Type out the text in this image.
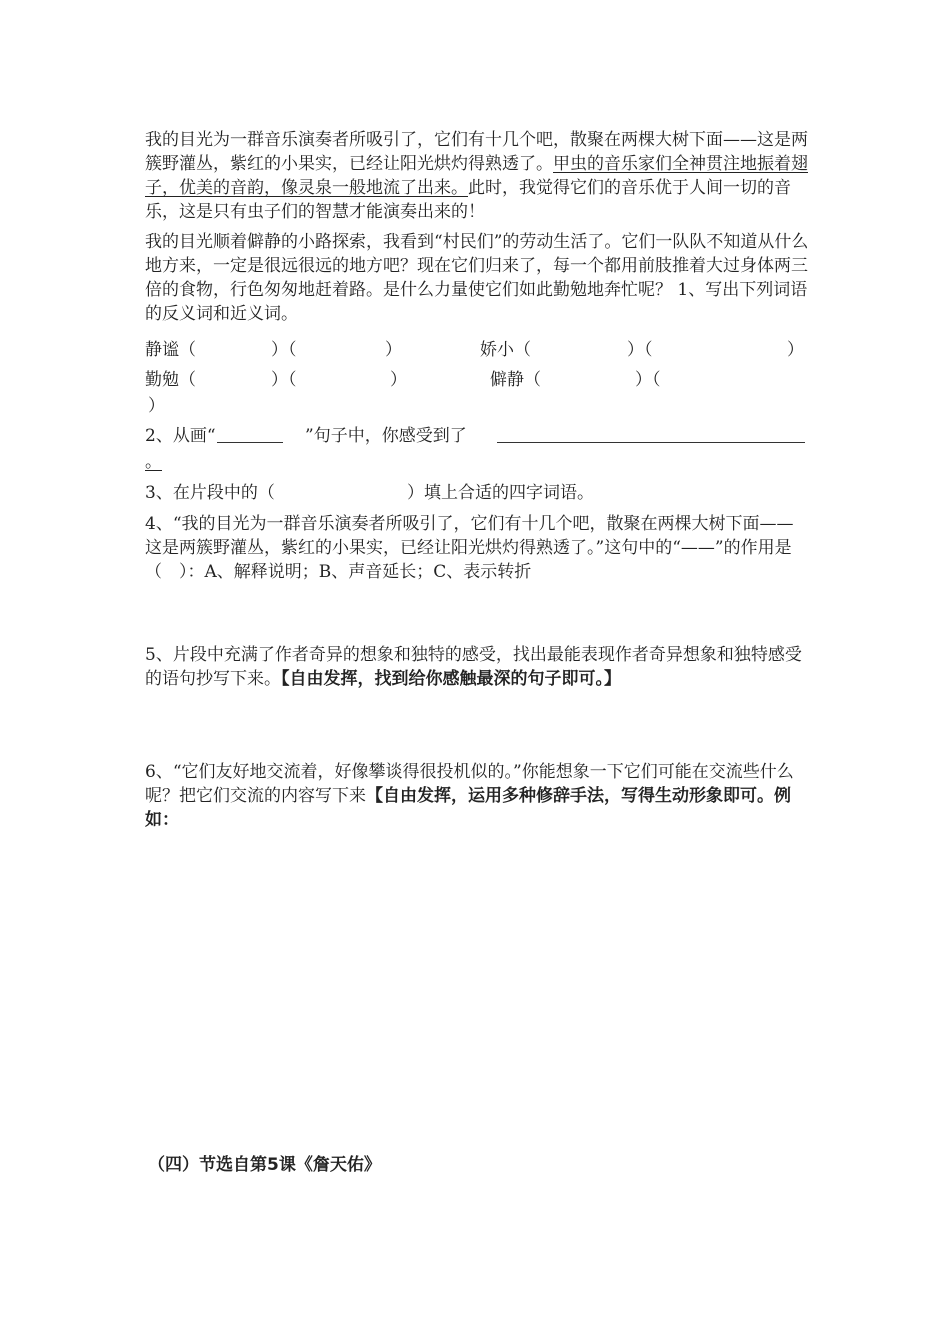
我的目光为一群音乐演奏者所吸引了，它们有十几个吧，散聚在两棵大树下面——这是两簇野灌丛，紫红的小果实，已经让阳光烘灼得熟透了。甲虫的音乐家们全神贯注地振着翅子，优美的音韵，像灵泉一般地流了出来。此时，我觉得它们的音乐优于人间一切的音乐，这是只有虫子们的智慧才能演奏出来的！

我的目光顺着僻静的小路探索，我看到“村民们”的劳动生活了。它们一队队不知道从什么地方来，一定是很远很远的地方吧？现在它们归来了，每一个都用前肢推着大过身体两三倍的食物，行色匆匆地赶着路。是什么力量使它们如此勤勉地奔忙呢？ 1、写出下列词语的反义词和近义词。

静谧（	）（	）	娇小（	）（	）
勤勉（	）（	）	僻静（	）（
）
2、从画“	”句子中，你感受到了
。
3、在片段中的（	）填上合适的四字词语。

4、“我的目光为一群音乐演奏者所吸引了，它们有十几个吧，散聚在两棵大树下面——这是两簇野灌丛，紫红的小果实，已经让阳光烘灼得熟透了。”这句中的“——”的作用是（　）：A、解释说明；B、声音延长；C、表示转折

5、片段中充满了作者奇异的想象和独特的感受，找出最能表现作者奇异想象和独特感受的语句抄写下来。【自由发挥，找到给你感触最深的句子即可。】

6、“它们友好地交流着，好像攀谈得很投机似的。”你能想象一下它们可能在交流些什么呢？把它们交流的内容写下来【自由发挥，运用多种修辞手法，写得生动形象即可。例如：

（四）节选自第5课《詹天佑》
